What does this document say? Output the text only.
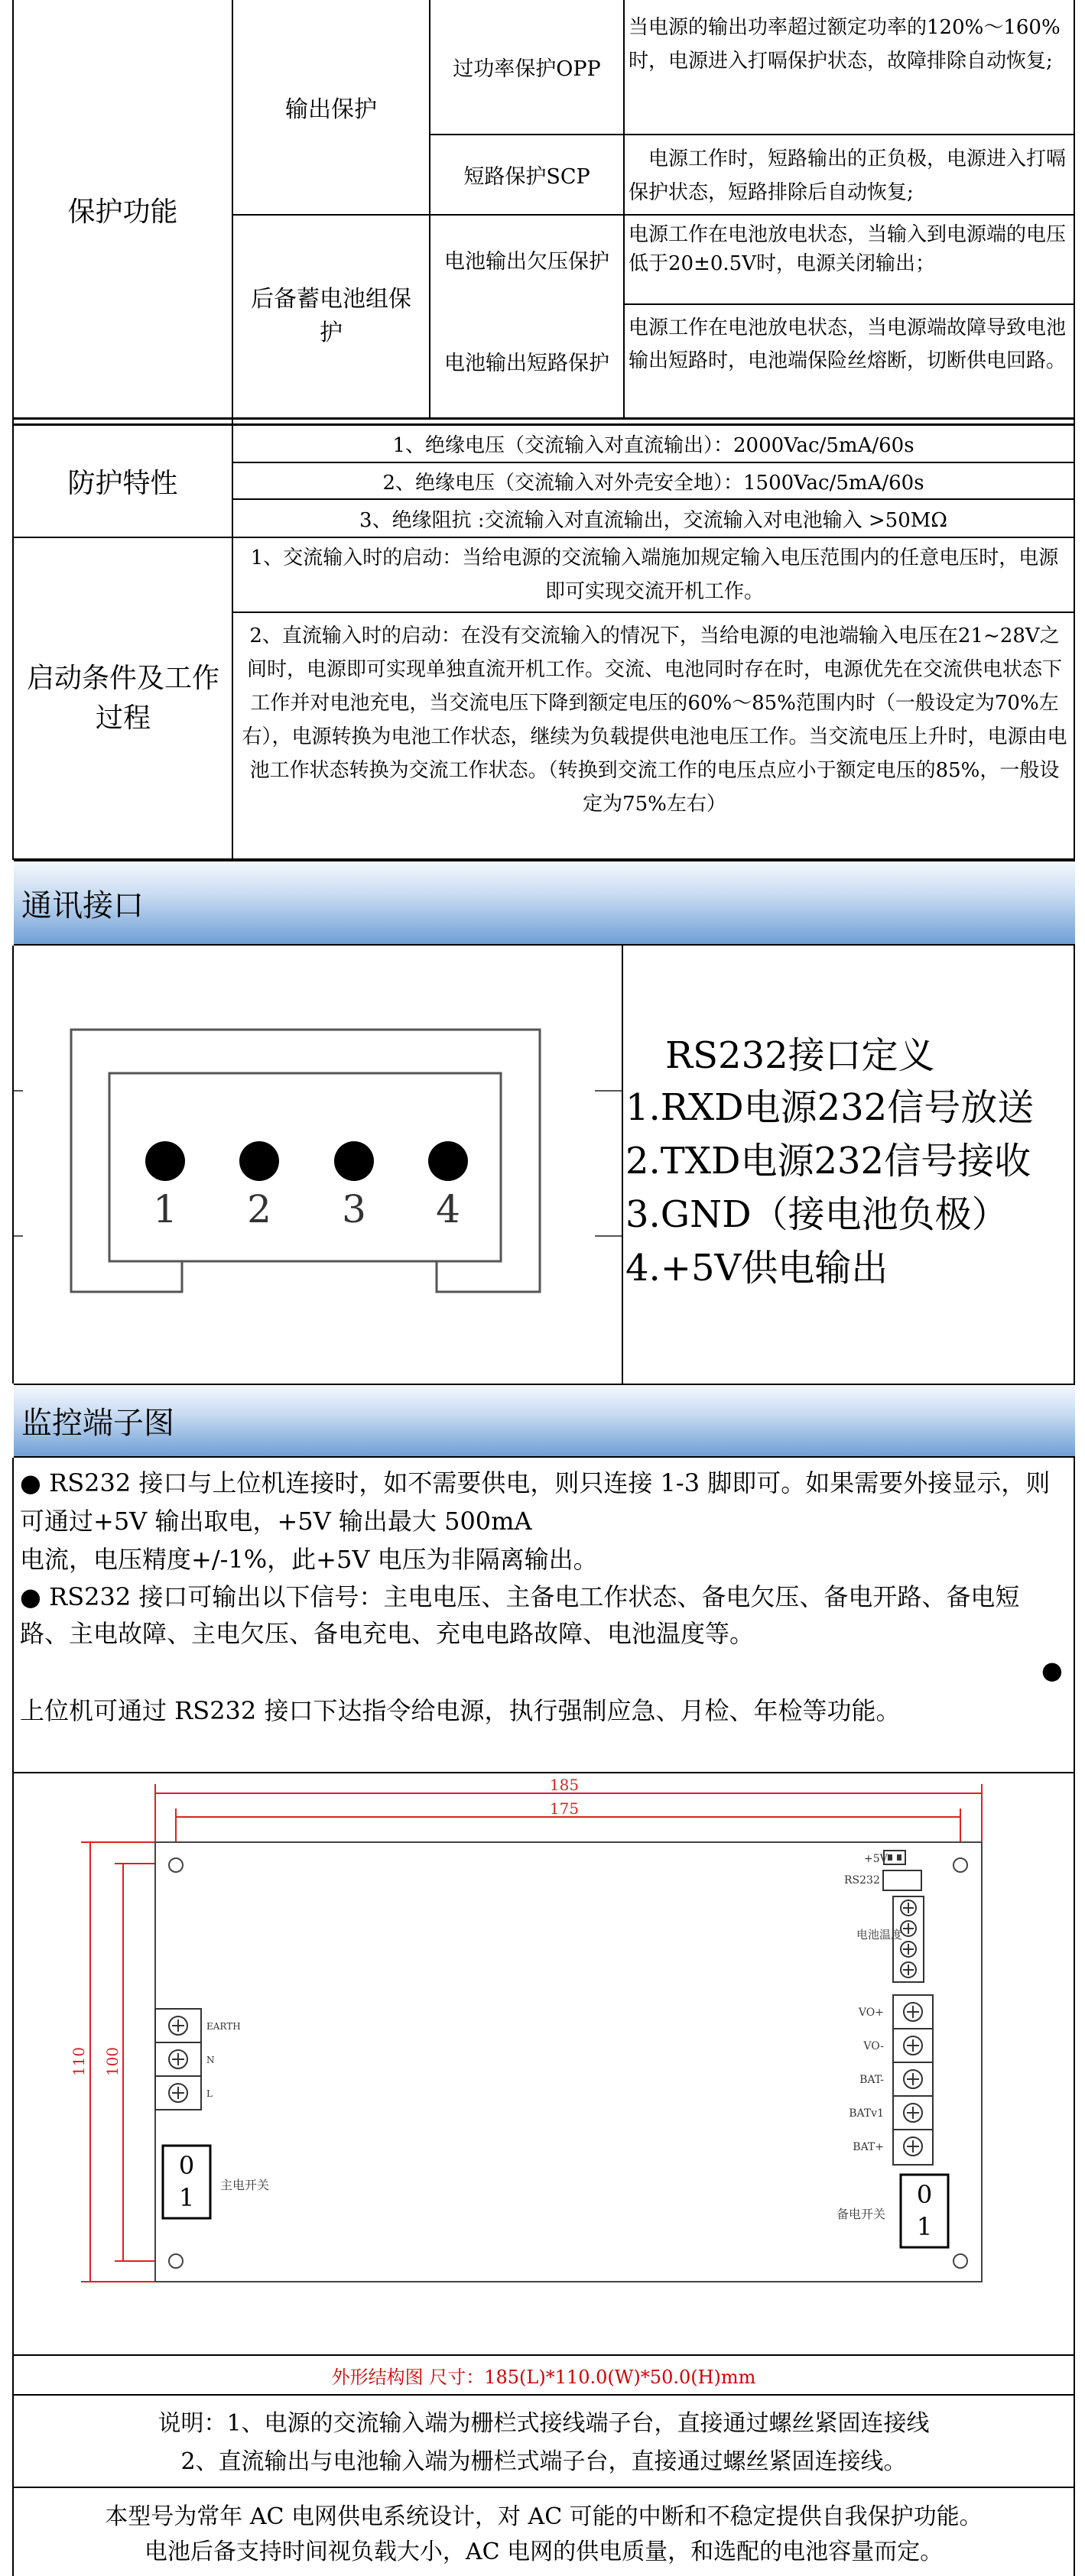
保护功能
输出保护
后备蓄电池组保护
过功率保护OPP
当电源的输出功率超过额定功率的120%～160%时，电源进入打嗝保护状态，故障排除自动恢复;
短路保护SCP
电源工作时，短路输出的正负极，电源进入打嗝保护状态，短路排除后自动恢复;
电池输出欠压保护
电源工作在电池放电状态，当输入到电源端的电压低于20±0.5V时，电源关闭输出；
电池输出短路保护
电源工作在电池放电状态，当电源端故障导致电池输出短路时，电池端保险丝熔断，切断供电回路。
防护特性
1、绝缘电压（交流输入对直流输出）：2000Vac/5mA/60s
2、绝缘电压（交流输入对外壳安全地）：1500Vac/5mA/60s
3、绝缘阻抗 :交流输入对直流输出，交流输入对电池输入 >50MΩ
启动条件及工作过程
1、交流输入时的启动：当给电源的交流输入端施加规定输入电压范围内的任意电压时，电源即可实现交流开机工作。
2、直流输入时的启动：在没有交流输入的情况下，当给电源的电池端输入电压在21~28V之间时，电源即可实现单独直流开机工作。交流、电池同时存在时，电源优先在交流供电状态下工作并对电池充电，当交流电压下降到额定电压的60%～85%范围内时（一般设定为70%左右），电源转换为电池工作状态，继续为负载提供电池电压工作。当交流电压上升时，电源由电池工作状态转换为交流工作状态。（转换到交流工作的电压点应小于额定电压的85%，一般设定为75%左右）
通讯接口
1 2 3 4
RS232接口定义
1.RXD电源232信号放送
2.TXD电源232信号接收
3.GND（接电池负极）
4.+5V供电输出
监控端子图
● RS232 接口与上位机连接时，如不需要供电，则只连接 1-3 脚即可。如果需要外接显示，则可通过+5V 输出取电，+5V 输出最大 500mA
电流，电压精度+/-1%，此+5V 电压为非隔离输出。
● RS232 接口可输出以下信号：主电电压、主备电工作状态、备电欠压、备电开路、备电短路、主电故障、主电欠压、备电充电、充电电路故障、电池温度等。
●
上位机可通过 RS232 接口下达指令给电源，执行强制应急、月检、年检等功能。
185
175
110 100
+5V
RS232
电池温度
VO+
VO-
BAT-
BATv1
BAT+
EARTH
N
L
0
1 主电开关	0
1
备电开关
外形结构图 尺寸：185(L)*110.0(W)*50.0(H)mm
说明：1、电源的交流输入端为栅栏式接线端子台，直接通过螺丝紧固连接线
2、直流输出与电池输入端为栅栏式端子台，直接通过螺丝紧固连接线。
本型号为常年 AC 电网供电系统设计，对 AC 可能的中断和不稳定提供自我保护功能。
电池后备支持时间视负载大小，AC 电网的供电质量，和选配的电池容量而定。
